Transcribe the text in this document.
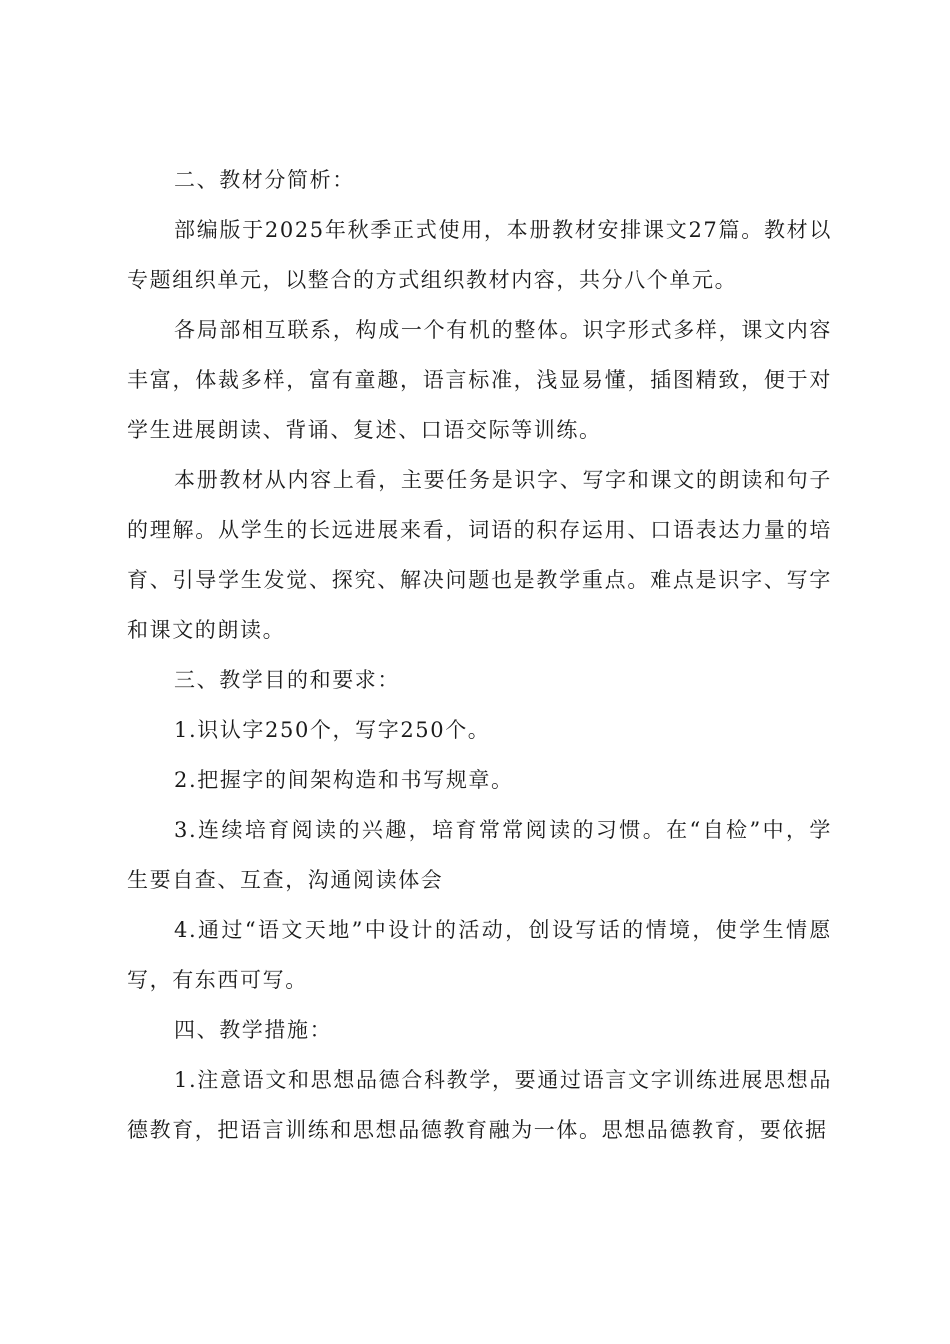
二、教材分简析：

部编版于2025年秋季正式使用，本册教材安排课文27篇。教材以专题组织单元，以整合的方式组织教材内容，共分八个单元。

各局部相互联系，构成一个有机的整体。识字形式多样，课文内容丰富，体裁多样，富有童趣，语言标准，浅显易懂，插图精致，便于对学生进展朗读、背诵、复述、口语交际等训练。

本册教材从内容上看，主要任务是识字、写字和课文的朗读和句子的理解。从学生的长远进展来看，词语的积存运用、口语表达力量的培育、引导学生发觉、探究、解决问题也是教学重点。难点是识字、写字和课文的朗读。

三、教学目的和要求：

1.识认字250个，写字250个。

2.把握字的间架构造和书写规章。

3.连续培育阅读的兴趣，培育常常阅读的习惯。在“自检”中，学生要自查、互查，沟通阅读体会

4.通过“语文天地”中设计的活动，创设写话的情境，使学生情愿写，有东西可写。

四、教学措施：

1.注意语文和思想品德合科教学，要通过语言文字训练进展思想品德教育，把语言训练和思想品德教育融为一体。思想品德教育，要依据
